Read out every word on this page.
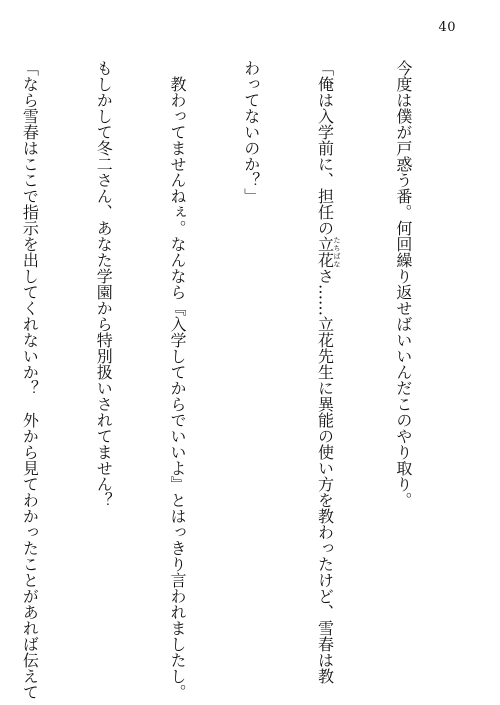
40

今度は僕が戸惑う番。何回繰り返せばいいんだこのやり取り。

「俺は入学前に、担任の立花たちばなさ……立花先生に異能の使い方を教わったけど、雪春は教

わってないのか？」

　教わってませんねぇ。なんなら『入学してからでいいよ』とはっきり言われましたし。

もしかして冬二さん、あなた学園から特別扱いされてません？

「なら雪春はここで指示を出してくれないか？　外から見てわかったことがあれば伝えて
